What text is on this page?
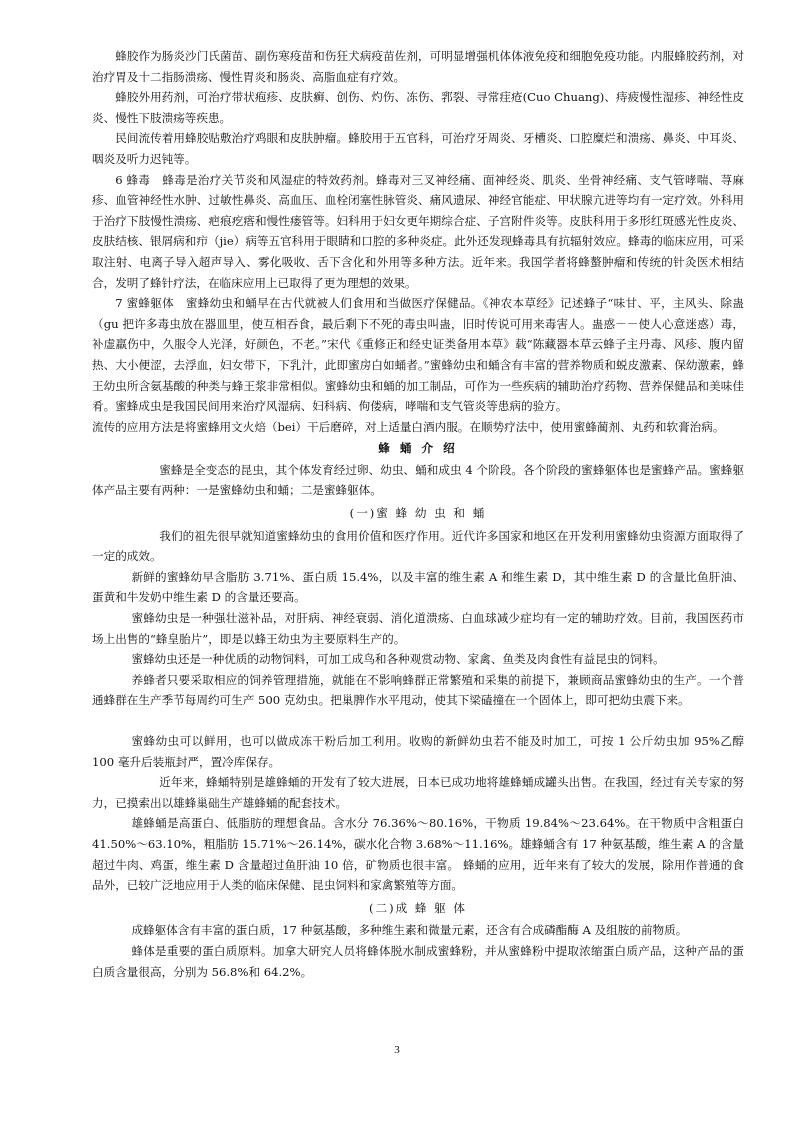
蜂胶作为肠炎沙门氏菌苗、副伤寒疫苗和伤狂犬病疫苗佐剂，可明显增强机体体液免疫和细胞免疫功能。内服蜂胶药剂，对治疗胃及十二指肠溃疡、慢性胃炎和肠炎、高脂血症有疗效。

蜂胶外用药剂，可治疗带状疱疹、皮肤癣、创伤、灼伤、冻伤、郛裂、寻常疰疮(Cuo Chuang)、痔疲慢性湿疹、神经性皮炎、慢性下肢溃疡等疾患。

民间流传着用蜂胶贴敷治疗鸡眼和皮肤肿瘤。蜂胶用于五官科，可治疗牙周炎、牙槽炎、口腔糜烂和溃疡、鼻炎、中耳炎、咽炎及听力迟钝等。

6 蜂毒　 蜂毒是治疗关节炎和风湿症的特效药剂。蜂毒对三叉神经痛、面神经炎、肌炎、坐骨神经痛、支气管哮喘、荨麻疹、血管神经性水肿、过敏性鼻炎、高血压、血栓闭塞性脉管炎、痛风遗尿、神经官能症、甲状腺亢进等均有一定疗效。外科用于治疗下肢慢性溃疡、疤痕疙瘩和慢性瘘管等。妇科用于妇女更年期综合症、子宫附件炎等。皮肤科用于多形红斑感光性皮炎、皮肤结核、银屑病和疖（jie）病等五官科用于眼睛和口腔的多种炎症。此外还发现蜂毒具有抗辐射效应。蜂毒的临床应用，可采取注射、电离子导入超声导入、雾化吸收、舌下含化和外用等多种方法。近年来。我国学者将蜂螯肿瘤和传统的针灸医术相结合，发明了蜂针疗法，在临床应用上已取得了更为理想的效果。

7 蜜蜂躯体　 蜜蜂幼虫和蛹早在古代就被人们食用和当做医疗保健品。《神农本草经》记述蜂子“味甘、平，主风头、除蛊（gu 把许多毒虫放在器皿里，使互相吞食，最后剩下不死的毒虫叫蛊，旧时传说可用来毒害人。蛊惑－－使人心意迷惑）毒，补虚羸伤中，久服令人光泽，好颜色，不老。”宋代《重修正和经史证类备用本草》载“陈藏器本草云蜂子主丹毒、风疹、腹内留热、大小便涩，去浮血，妇女带下，下乳汁，此即蜜房白如蛹者。”蜜蜂幼虫和蛹含有丰富的营养物质和蜕皮激素、保幼激素，蜂王幼虫所含氨基酸的种类与蜂王浆非常相似。蜜蜂幼虫和蛹的加工制品，可作为一些疾病的辅助治疗药物、营养保健品和美味佳肴。蜜蜂成虫是我国民间用来治疗风湿病、妇科病、佝偻病，哮喘和支气管炎等患病的验方。

流传的应用方法是将蜜蜂用文火焙（bei）干后磨碎，对上适量白酒内服。在顺势疗法中，使用蜜蜂蔺剂、丸药和软膏治病。

蜂 蛹 介 绍

蜜蜂是全变态的昆虫，其个体发育经过卵、幼虫、蛹和成虫 4 个阶段。各个阶段的蜜蜂躯体也是蜜蜂产品。蜜蜂躯体产品主要有两种：一是蜜蜂幼虫和蛹；二是蜜蜂躯体。

(一)蜜 蜂 幼 虫 和 蛹

我们的祖先很早就知道蜜蜂幼虫的食用价值和医疗作用。近代许多国家和地区在开发利用蜜蜂幼虫资源方面取得了一定的成效。

新鲜的蜜蜂幼早含脂肪 3.71%、蛋白质 15.4%，以及丰富的维生素 A 和维生素 D，其中维生素 D 的含量比鱼肝油、蛋黄和牛发奶中维生素 D 的含量还要高。

蜜蜂幼虫是一种强壮滋补品，对肝病、神经衰弱、消化道溃疡、白血球减少症均有一定的辅助疗效。目前，我国医药市场上出售的“蜂皇胎片”，即是以蜂王幼虫为主要原料生产的。

蜜蜂幼虫还是一种优质的动物饲料，可加工成鸟和各种观赏动物、家禽、鱼类及肉食性有益昆虫的饲料。

养蜂者只要采取相应的饲养管理措施，就能在不影响蜂群正常繁殖和采集的前提下，兼顾商品蜜蜂幼虫的生产。一个普通蜂群在生产季节每周约可生产 500 克幼虫。把巢脾作水平甩动，使其下梁磕撞在一个固体上，即可把幼虫震下来。

蜜蜂幼虫可以鲜用，也可以做成冻干粉后加工利用。收购的新鲜幼虫若不能及时加工，可按 1 公斤幼虫加 95%乙醇 100 毫升后装瓶封严，置冷库保存。

近年来，蜂蛹特别是雄蜂蛹的开发有了较大进展，日本已成功地将雄蜂蛹成罐头出售。在我国，经过有关专家的努力，已摸索出以雄蜂巢础生产雄蜂蛹的配套技术。

雄蜂蛹是高蛋白、低脂肪的理想食品。含水分 76.36%～80.16%，干物质 19.84%～23.64%。在干物质中含粗蛋白 41.50%～63.10%，粗脂肪 15.71%～26.14%，碳水化合物 3.68%～11.16%。雄蜂蛹含有 17 种氨基酸，维生素 A 的含量超过牛肉、鸡蛋，维生素 D 含量超过鱼肝油 10 倍，矿物质也很丰富。 蜂蛹的应用，近年来有了较大的发展，除用作普通的食品外，已较广泛地应用于人类的临床保健、昆虫饲料和家禽繁殖等方面。

(二)成 蜂 躯 体

成蜂躯体含有丰富的蛋白质，17 种氨基酸，多种维生素和微量元素，还含有合成磷酯酶 A 及组胺的前物质。

蜂体是重要的蛋白质原料。加拿大研究人员将蜂体脱水制成蜜蜂粉，并从蜜蜂粉中提取浓缩蛋白质产品，这种产品的蛋白质含量很高，分别为 56.8%和 64.2%。

3
